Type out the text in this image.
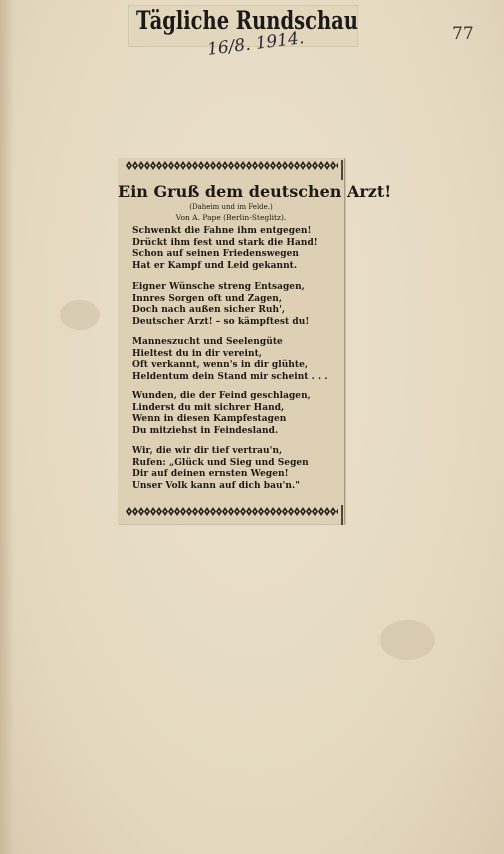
Tägliche Rundschau
16/8. 1914.	77
Ein Gruß dem deutschen Arzt!
(Daheim und im Felde.)
Von A. Pape (Berlin-Steglitz).
Schwenkt die Fahne ihm entgegen!
Drückt ihm fest und stark die Hand!
Schon auf seinen Friedenswegen
Hat er Kampf und Leid gekannt.
Eigner Wünsche streng Entsagen,
Innres Sorgen oft und Zagen,
Doch nach außen sicher Ruh',
Deutscher Arzt! – so kämpftest du!
Manneszucht und Seelengüte
Hieltest du in dir vereint,
Oft verkannt, wenn's in dir glühte,
Heldentum dein Stand mir scheint . . .
Wunden, die der Feind geschlagen,
Linderst du mit sichrer Hand,
Wenn in diesen Kampfestagen
Du mitziehst in Feindesland.
Wir, die wir dir tief vertrau'n,
Rufen: „Glück und Sieg und Segen
Dir auf deinen ernsten Wegen!
Unser Volk kann auf dich bau'n."
